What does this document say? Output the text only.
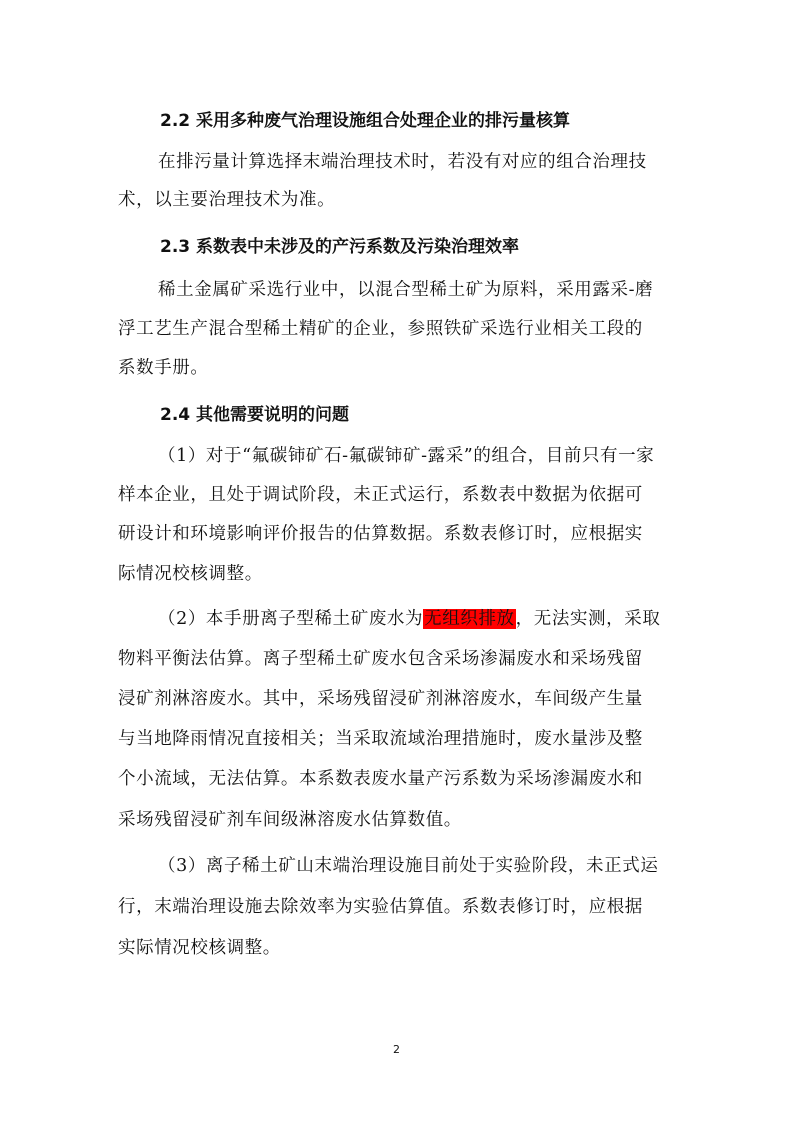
2.2 采用多种废气治理设施组合处理企业的排污量核算
在排污量计算选择末端治理技术时，若没有对应的组合治理技
术，以主要治理技术为准。
2.3 系数表中未涉及的产污系数及污染治理效率
稀土金属矿采选行业中，以混合型稀土矿为原料，采用露采-磨
浮工艺生产混合型稀土精矿的企业，参照铁矿采选行业相关工段的
系数手册。
2.4 其他需要说明的问题
（1）对于“氟碳铈矿石-氟碳铈矿-露采”的组合，目前只有一家
样本企业，且处于调试阶段，未正式运行，系数表中数据为依据可
研设计和环境影响评价报告的估算数据。系数表修订时，应根据实
际情况校核调整。
（2）本手册离子型稀土矿废水为无组织排放，无法实测，采取
物料平衡法估算。离子型稀土矿废水包含采场渗漏废水和采场残留
浸矿剂淋溶废水。其中，采场残留浸矿剂淋溶废水，车间级产生量
与当地降雨情况直接相关；当采取流域治理措施时，废水量涉及整
个小流域，无法估算。本系数表废水量产污系数为采场渗漏废水和
采场残留浸矿剂车间级淋溶废水估算数值。
（3）离子稀土矿山末端治理设施目前处于实验阶段，未正式运
行，末端治理设施去除效率为实验估算值。系数表修订时，应根据
实际情况校核调整。
2
